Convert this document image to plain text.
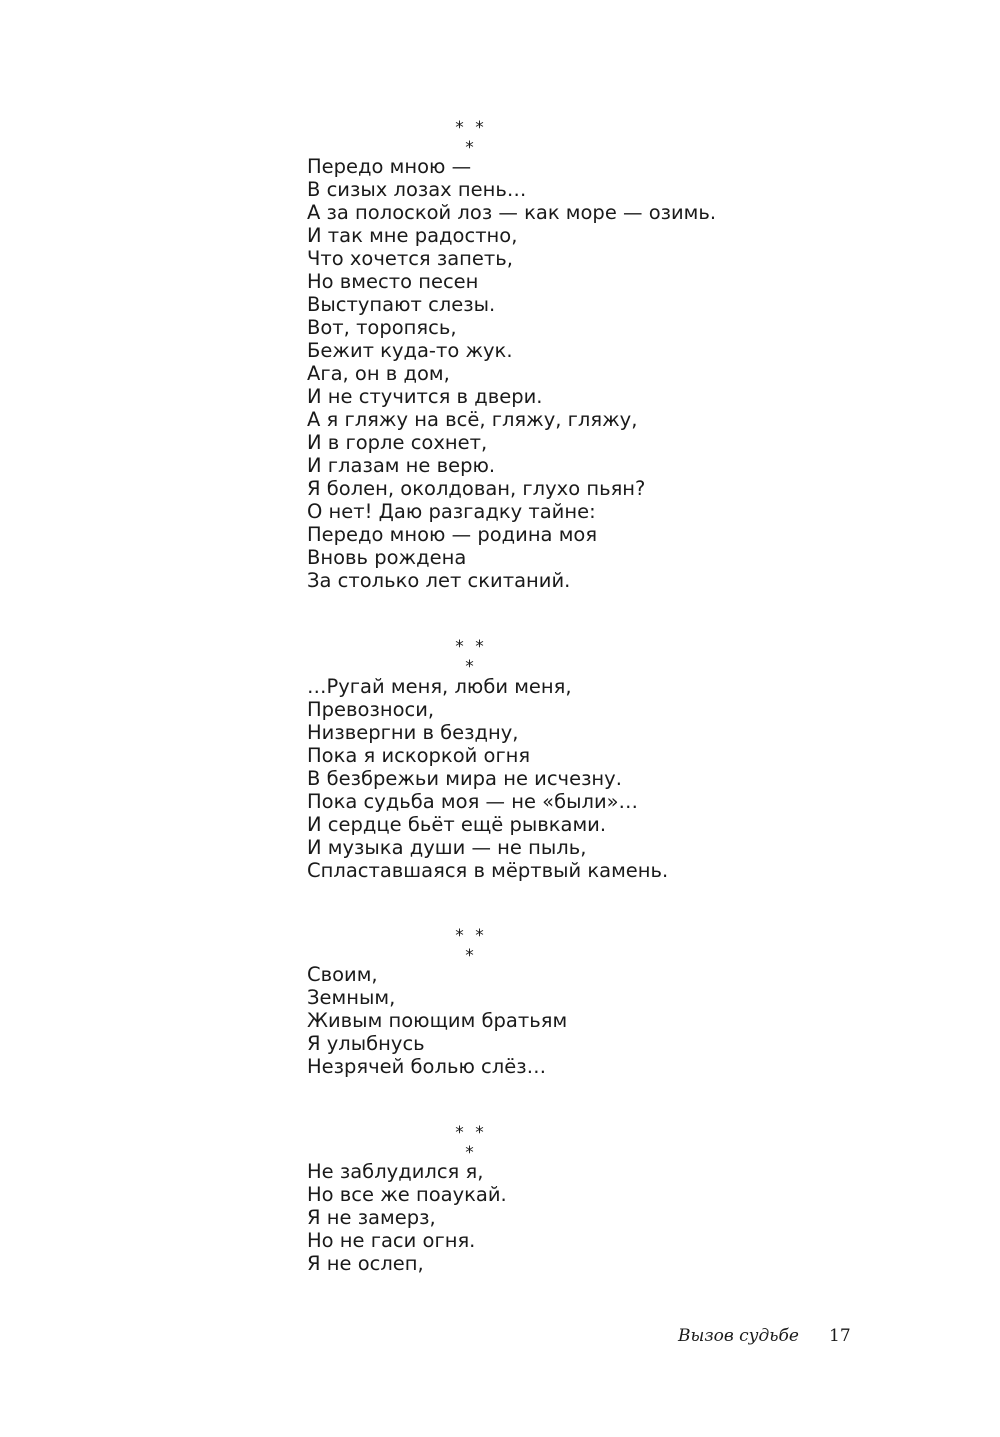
* * *
Передо мною —
В сизых лозах пень…
А за полоской лоз — как море — озимь.
И так мне радостно,
Что хочется запеть,
Но вместо песен
Выступают слезы.
Вот, торопясь,
Бежит куда-то жук.
Ага, он в дом,
И не стучится в двери.
А я гляжу на всё, гляжу, гляжу,
И в горле сохнет,
И глазам не верю.
Я болен, околдован, глухо пьян?
О нет! Даю разгадку тайне:
Передо мною — родина моя
Вновь рождена
За столько лет скитаний.
* * *
…Ругай меня, люби меня,
Превозноси,
Низвергни в бездну,
Пока я искоркой огня
В безбрежьи мира не исчезну.
Пока судьба моя — не «были»…
И сердце бьёт ещё рывками.
И музыка души — не пыль,
Спластавшаяся в мёртвый камень.
* * *
Своим,
Земным,
Живым поющим братьям
Я улыбнусь
Незрячей болью слёз…
* * *
Не заблудился я,
Но все же поаукай.
Я не замерз,
Но не гаси огня.
Я не ослеп,
Вызов судьбе 17
